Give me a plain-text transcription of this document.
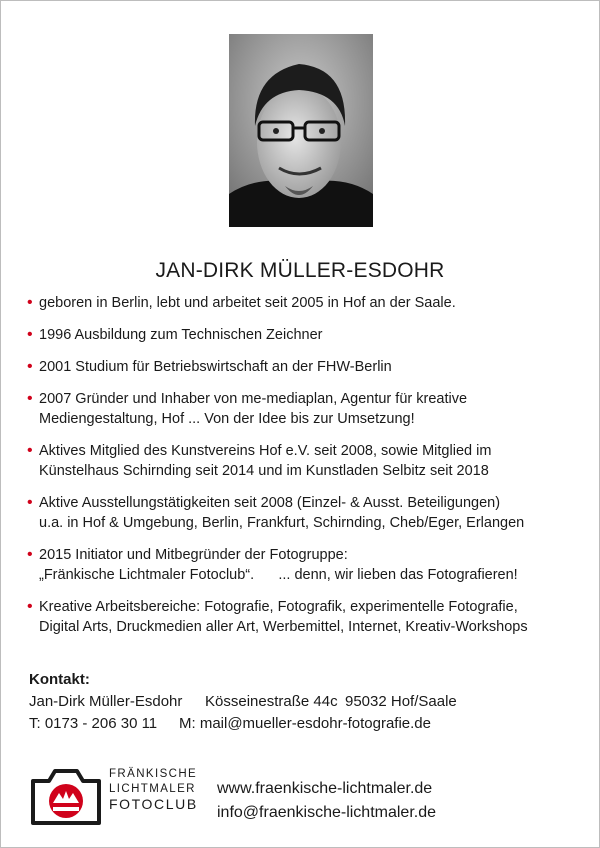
JAN-DIRK MÜLLER-ESDOHR
• geboren in Berlin, lebt und arbeitet seit 2005 in Hof an der Saale.
• 1996 Ausbildung zum Technischen Zeichner
• 2001 Studium für Betriebswirtschaft an der FHW-Berlin
• 2007 Gründer und Inhaber von me-mediaplan, Agentur für kreative
Mediengestaltung, Hof ... Von der Idee bis zur Umsetzung!
• Aktives Mitglied des Kunstvereins Hof e.V. seit 2008, sowie Mitglied im
Künstelhaus Schirnding seit 2014 und im Kunstladen Selbitz seit 2018
• Aktive Ausstellungstätigkeiten seit 2008 (Einzel- & Ausst. Beteiligungen)
u.a. in Hof & Umgebung, Berlin, Frankfurt, Schirnding, Cheb/Eger, Erlangen
• 2015 Initiator und Mitbegründer der Fotogruppe:
„Fränkische Lichtmaler Fotoclub“.      ... denn, wir lieben das Fotografieren!
• Kreative Arbeitsbereiche: Fotografie, Fotografik, experimentelle Fotografie,
Digital Arts, Druckmedien aller Art, Werbemittel, Internet, Kreativ-Workshops
Kontakt:
Jan-Dirk Müller-Esdohr Kösseinestraße 44c 95032 Hof/Saale
T: 0173 - 206 30 11 M: mail@mueller-esdohr-fotografie.de
FRÄNKISCHE
LICHTMALER
FOTOCLUB
www.fraenkische-lichtmaler.de
info@fraenkische-lichtmaler.de
